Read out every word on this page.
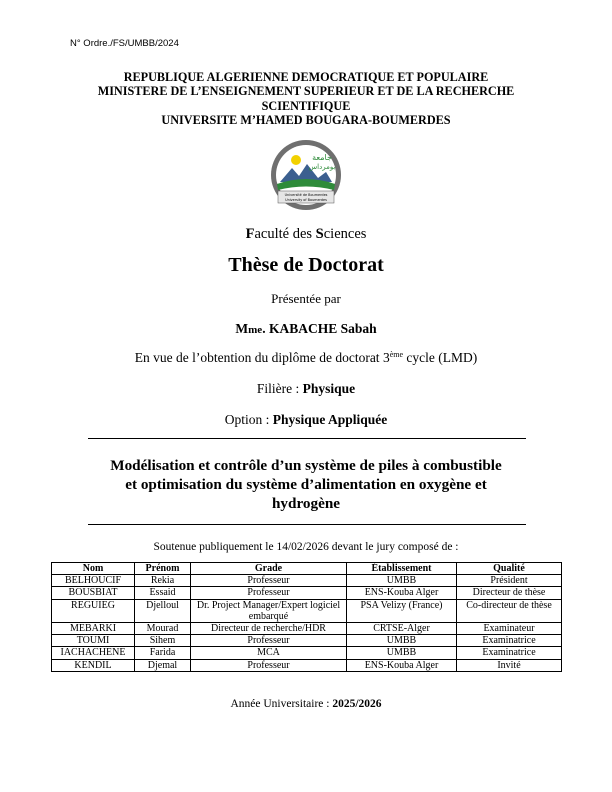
N° Ordre./FS/UMBB/2024
REPUBLIQUE ALGERIENNE DEMOCRATIQUE ET POPULAIRE
MINISTERE DE L’ENSEIGNEMENT SUPERIEUR ET DE LA RECHERCHE
SCIENTIFIQUE
UNIVERSITE M’HAMED BOUGARA-BOUMERDES
جامعة
بومرداس
Université de Boumerdes
University of Boumerdes
Faculté des Sciences
Thèse de Doctorat
Présentée par
Mme. KABACHE Sabah
En vue de l’obtention du diplôme de doctorat 3ème cycle (LMD)
Filière : Physique
Option : Physique Appliquée
Modélisation et contrôle d’un système de piles à combustible
et optimisation du système d’alimentation en oxygène et
hydrogène
Soutenue publiquement le 14/02/2026 devant le jury composé de :
Nom	Prénom	Grade	Établissement	Qualité
BELHOUCIF	Rekia	Professeur	UMBB	Président
BOUSBIAT	Essaid	Professeur	ENS-Kouba Alger	Directeur de thèse
REGUIEG	Djelloul	Dr. Project Manager/Expert logiciel embarqué	PSA Velizy (France)	Co-directeur de thèse
MEBARKI	Mourad	Directeur de recherche/HDR	CRTSE-Alger	Examinateur
TOUMI	Sihem	Professeur	UMBB	Examinatrice
IACHACHENE	Farida	MCA	UMBB	Examinatrice
KENDIL	Djemal	Professeur	ENS-Kouba Alger	Invité
Année Universitaire : 2025/2026
